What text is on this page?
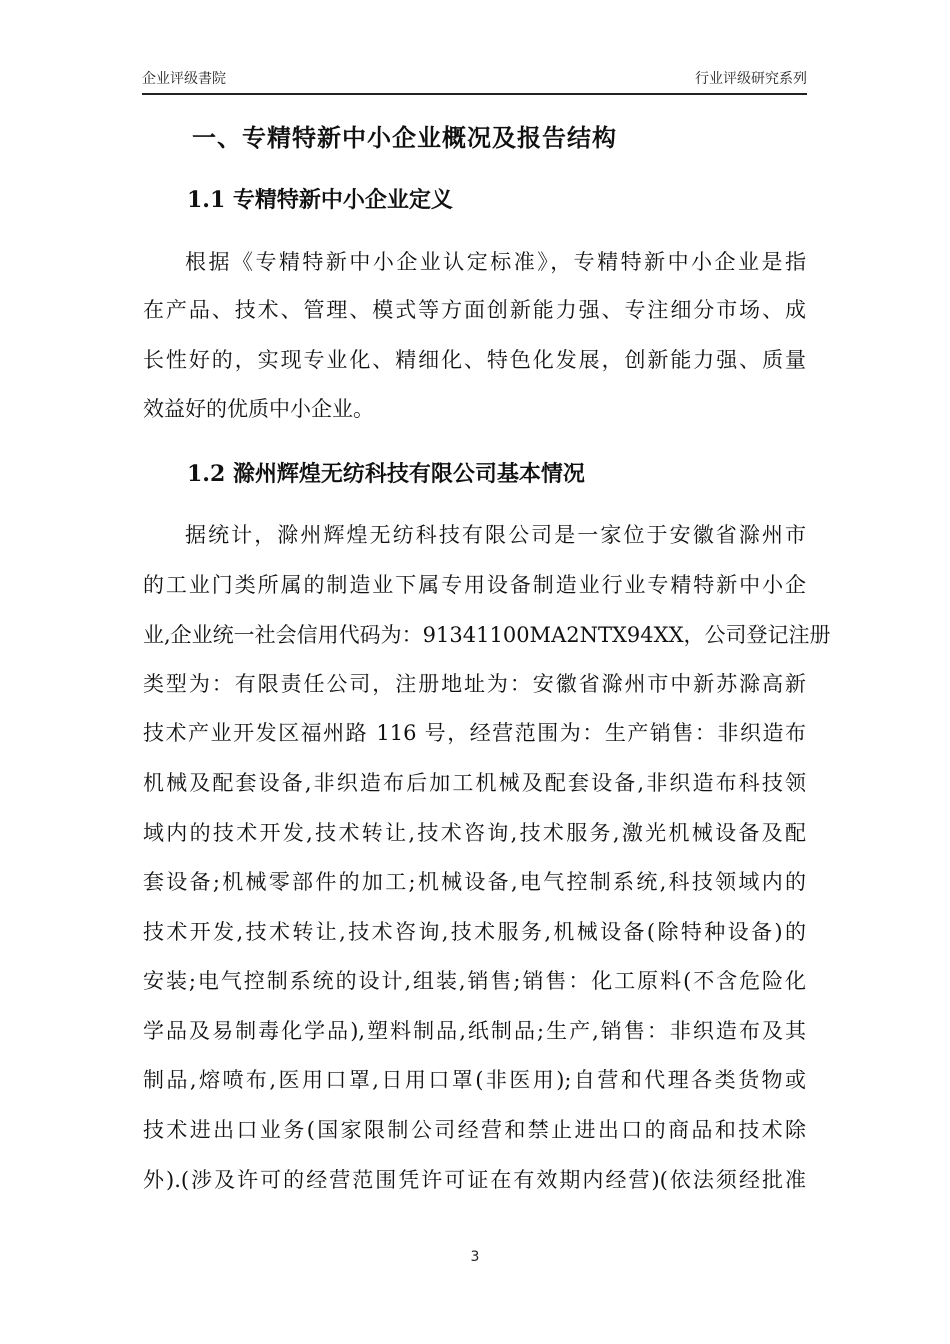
企业评级書院	行业评级研究系列
一、专精特新中小企业概况及报告结构
1.1 专精特新中小企业定义
根据《专精特新中小企业认定标准》，专精特新中小企业是指
在产品、技术、管理、模式等方面创新能力强、专注细分市场、成
长性好的，实现专业化、精细化、特色化发展，创新能力强、质量
效益好的优质中小企业。
1.2 滁州辉煌无纺科技有限公司基本情况
据统计，滁州辉煌无纺科技有限公司是一家位于安徽省滁州市
的工业门类所属的制造业下属专用设备制造业行业专精特新中小企
业,企业统一社会信用代码为：91341100MA2NTX94XX，公司登记注册
类型为：有限责任公司，注册地址为：安徽省滁州市中新苏滁高新
技术产业开发区福州路 116 号，经营范围为：生产销售：非织造布
机械及配套设备,非织造布后加工机械及配套设备,非织造布科技领
域内的技术开发,技术转让,技术咨询,技术服务,激光机械设备及配
套设备;机械零部件的加工;机械设备,电气控制系统,科技领域内的
技术开发,技术转让,技术咨询,技术服务,机械设备(除特种设备)的
安装;电气控制系统的设计,组装,销售;销售：化工原料(不含危险化
学品及易制毒化学品),塑料制品,纸制品;生产,销售：非织造布及其
制品,熔喷布,医用口罩,日用口罩(非医用);自营和代理各类货物或
技术进出口业务(国家限制公司经营和禁止进出口的商品和技术除
外).(涉及许可的经营范围凭许可证在有效期内经营)(依法须经批准
3
